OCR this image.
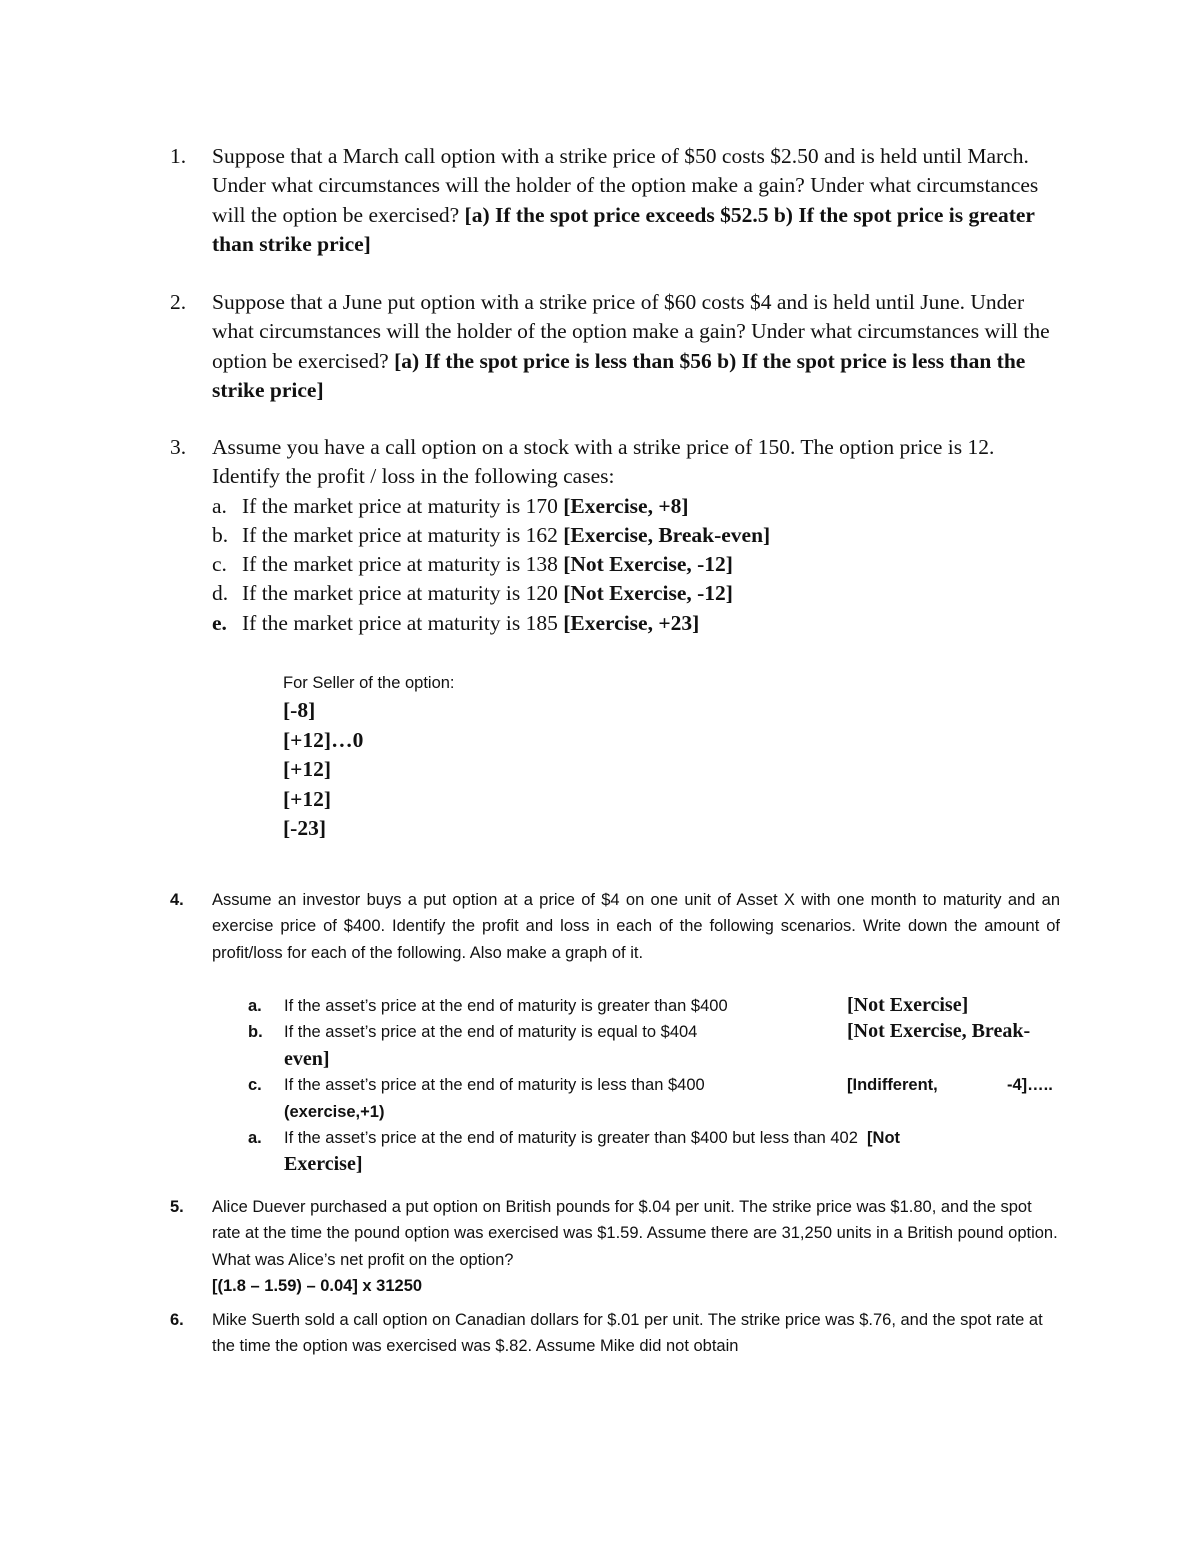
1.	Suppose that a March call option with a strike price of $50 costs $2.50 and is held until March. Under what circumstances will the holder of the option make a gain? Under what circumstances will the option be exercised? [a) If the spot price exceeds $52.5 b) If the spot price is greater than strike price]
2.	Suppose that a June put option with a strike price of $60 costs $4 and is held until June. Under what circumstances will the holder of the option make a gain? Under what circumstances will the option be exercised? [a) If the spot price is less than $56 b) If the spot price is less than the strike price]
3.	Assume you have a call option on a stock with a strike price of 150. The option price is 12. Identify the profit / loss in the following cases:
a. If the market price at maturity is 170 [Exercise, +8]
b. If the market price at maturity is 162 [Exercise, Break-even]
c. If the market price at maturity is 138 [Not Exercise, -12]
d. If the market price at maturity is 120 [Not Exercise, -12]
e. If the market price at maturity is 185 [Exercise, +23]
For Seller of the option:
[-8]
[+12]…0
[+12]
[+12]
[-23]
4.	Assume an investor buys a put option at a price of $4 on one unit of Asset X with one month to maturity and an exercise price of $400. Identify the profit and loss in each of the following scenarios. Write down the amount of profit/loss for each of the following. Also make a graph of it.
a. If the asset’s price at the end of maturity is greater than $400	[Not Exercise]
b. If the asset’s price at the end of maturity is equal to $404	[Not Exercise, Break-
even]
c. If the asset’s price at the end of maturity is less than $400	[Indifferent,	-4]…..
(exercise,+1)
a. If the asset’s price at the end of maturity is greater than $400 but less than 402 [Not
Exercise]
5.	Alice Duever purchased a put option on British pounds for $.04 per unit. The strike price was $1.80, and the spot rate at the time the pound option was exercised was $1.59. Assume there are 31,250 units in a British pound option. What was Alice’s net profit on the option?
[(1.8 – 1.59) – 0.04] x 31250
6.	Mike Suerth sold a call option on Canadian dollars for $.01 per unit. The strike price was $.76, and the spot rate at the time the option was exercised was $.82. Assume Mike did not obtain
